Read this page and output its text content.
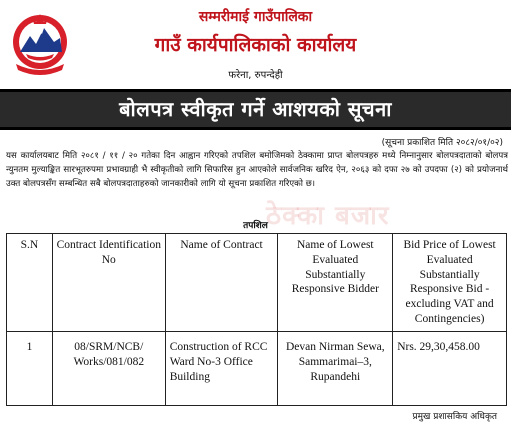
सम्मरीमाई गाउँपालिका
गाउँ कार्यपालिकाको कार्यालय
फरेना, रुपन्देही
बोलपत्र स्वीकृत गर्ने आशयको सूचना
(सूचना प्रकाशित मिति २०८२/०१/०२)
यस कार्यालयबाट मिति २०८१ / ११ / २० गतेका दिन आह्वान गरिएको तपशिल बमोजिमको ठेक्कामा प्राप्त बोलपत्रहरु मध्ये निम्नानुसार बोलपत्रदाताको बोलपत्र न्युनतम मुल्याङ्कित सारभूतरुपमा प्रभावग्राही भै स्वीकृतीको लागि सिफारिस हुन आएकोले सार्वजनिक खरिद ऐन, २०६३ को दफा २७ को उपदफा (२) को प्रयोजनार्थ उक्त बोलपत्रसँग सम्बन्धित सबै बोलपत्रदाताहरुको जानकारीको लागि यो सूचना प्रकाशित गरिएको छ।
ठेक्का बजार
तपशिल
S.N	Contract Identification No	Name of Contract	Name of Lowest Evaluated Substantially Responsive Bidder	Bid Price of Lowest Evaluated Substantially Responsive Bid - excluding VAT and Contingencies)
1	08/SRM/NCB/ Works/081/082	Construction of RCC Ward No-3 Office Building	Devan Nirman Sewa, Sammarimai–3, Rupandehi	Nrs. 29,30,458.00
प्रमुख प्रशासकिय अधिकृत
